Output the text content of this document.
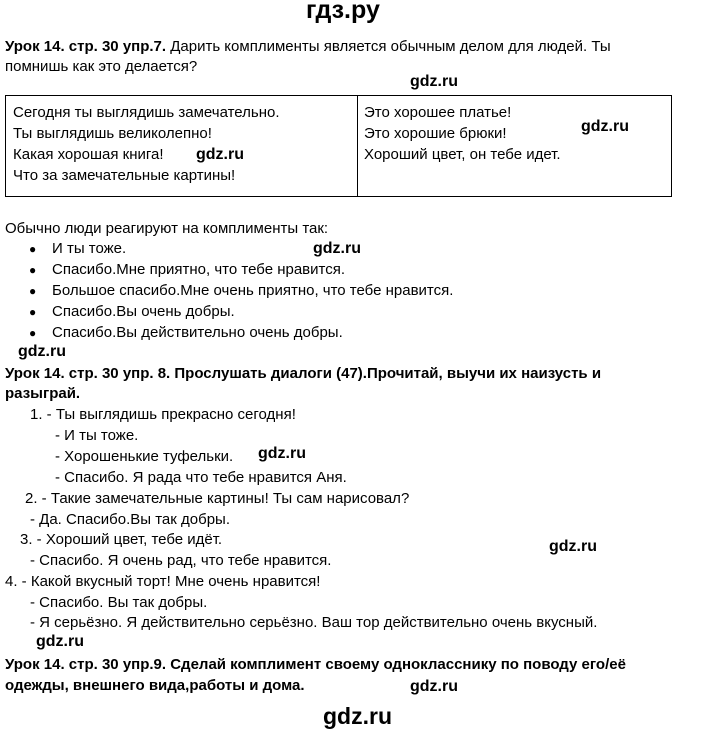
гдз.ру
Урок 14. стр. 30 упр.7. Дарить комплименты является обычным делом для людей. Ты
помнишь как это делается?
gdz.ru
Сегодня ты выглядишь замечательно.
Ты выглядишь великолепно!
Какая хорошая книга!
Что за замечательные картины!
gdz.ru

Это хорошее платье!
Это хорошие брюки!
Хороший цвет, он тебе идет.
gdz.ru
Обычно люди реагируют на комплименты так:
● И ты тоже.	gdz.ru
● Спасибо.Мне приятно, что тебе нравится.
● Большое спасибо.Мне очень приятно, что тебе нравится.
● Спасибо.Вы очень добры.
● Спасибо.Вы действительно очень добры.
gdz.ru
Урок 14. стр. 30 упр. 8. Прослушать диалоги (47).Прочитай, выучи их наизусть и
разыграй.
1. - Ты выглядишь прекрасно сегодня!
- И ты тоже.
- Хорошенькие туфельки. gdz.ru
- Спасибо. Я рада что тебе нравится Аня.
2. - Такие замечательные картины! Ты сам нарисовал?
- Да. Спасибо.Вы так добры.
3. - Хороший цвет, тебе идёт.	gdz.ru
- Спасибо. Я очень рад, что тебе нравится.
4. - Какой вкусный торт! Мне очень нравится!
- Спасибо. Вы так добры.
- Я серьёзно. Я действительно серьёзно. Ваш тор действительно очень вкусный.
gdz.ru
Урок 14. стр. 30 упр.9. Сделай комплимент своему однокласснику по поводу его/её
одежды, внешнего вида,работы и дома.	gdz.ru
gdz.ru
